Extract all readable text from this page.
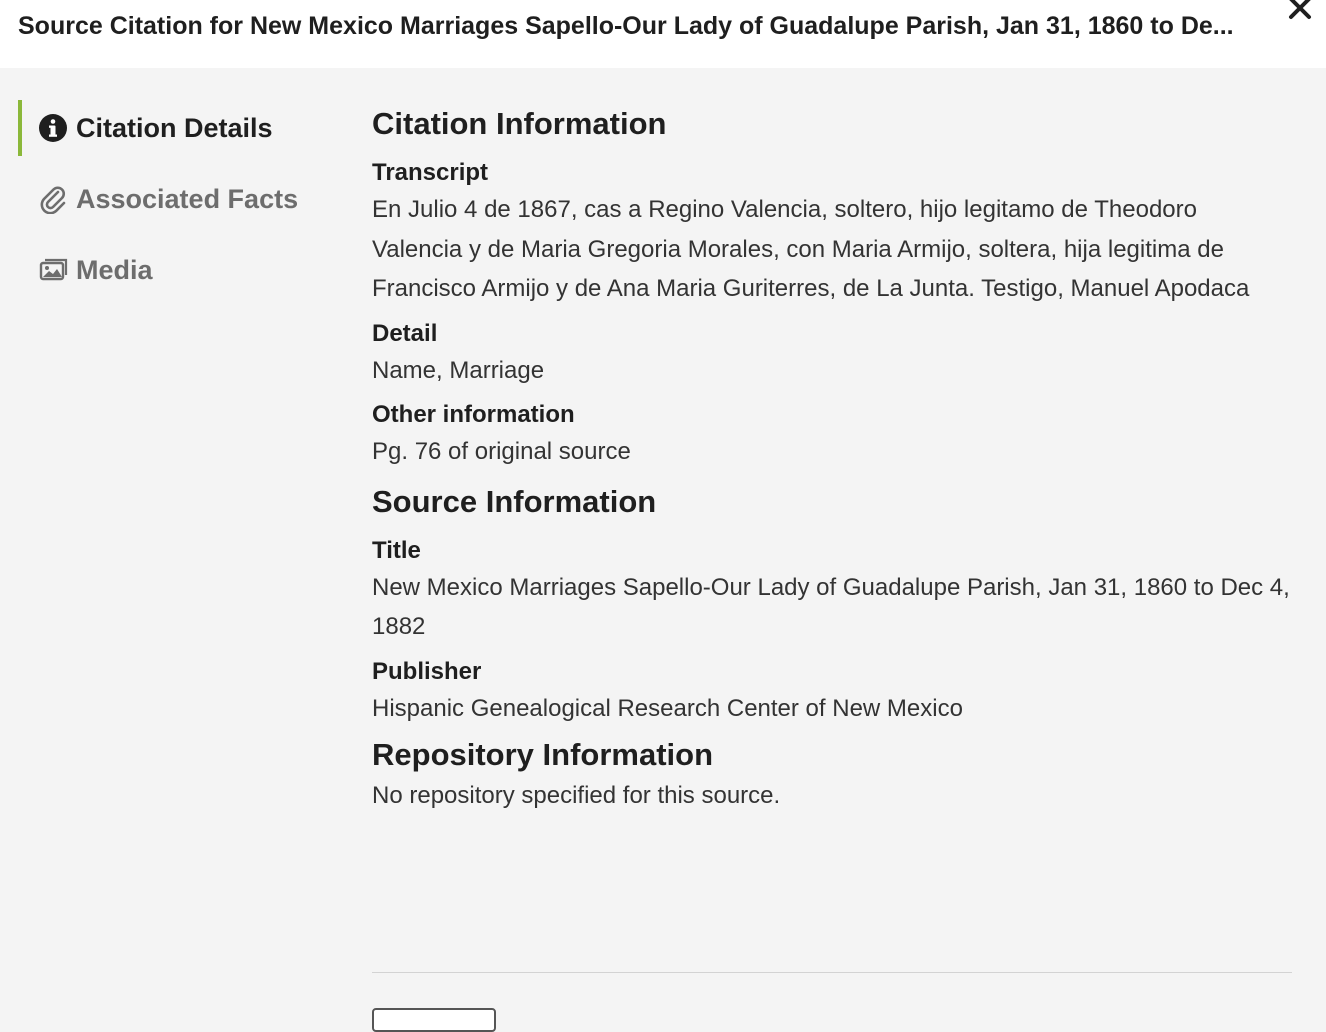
Source Citation for New Mexico Marriages Sapello-Our Lady of Guadalupe Parish, Jan 31, 1860 to De...
Citation Details
Associated Facts
Media
Citation Information
Transcript
En Julio 4 de 1867, cas a Regino Valencia, soltero, hijo legitamo de Theodoro Valencia y de Maria Gregoria Morales, con Maria Armijo, soltera, hija legitima de Francisco Armijo y de Ana Maria Guriterres, de La Junta. Testigo, Manuel Apodaca
Detail
Name, Marriage
Other information
Pg. 76 of original source
Source Information
Title
New Mexico Marriages Sapello-Our Lady of Guadalupe Parish, Jan 31, 1860 to Dec 4, 1882
Publisher
Hispanic Genealogical Research Center of New Mexico
Repository Information
No repository specified for this source.
